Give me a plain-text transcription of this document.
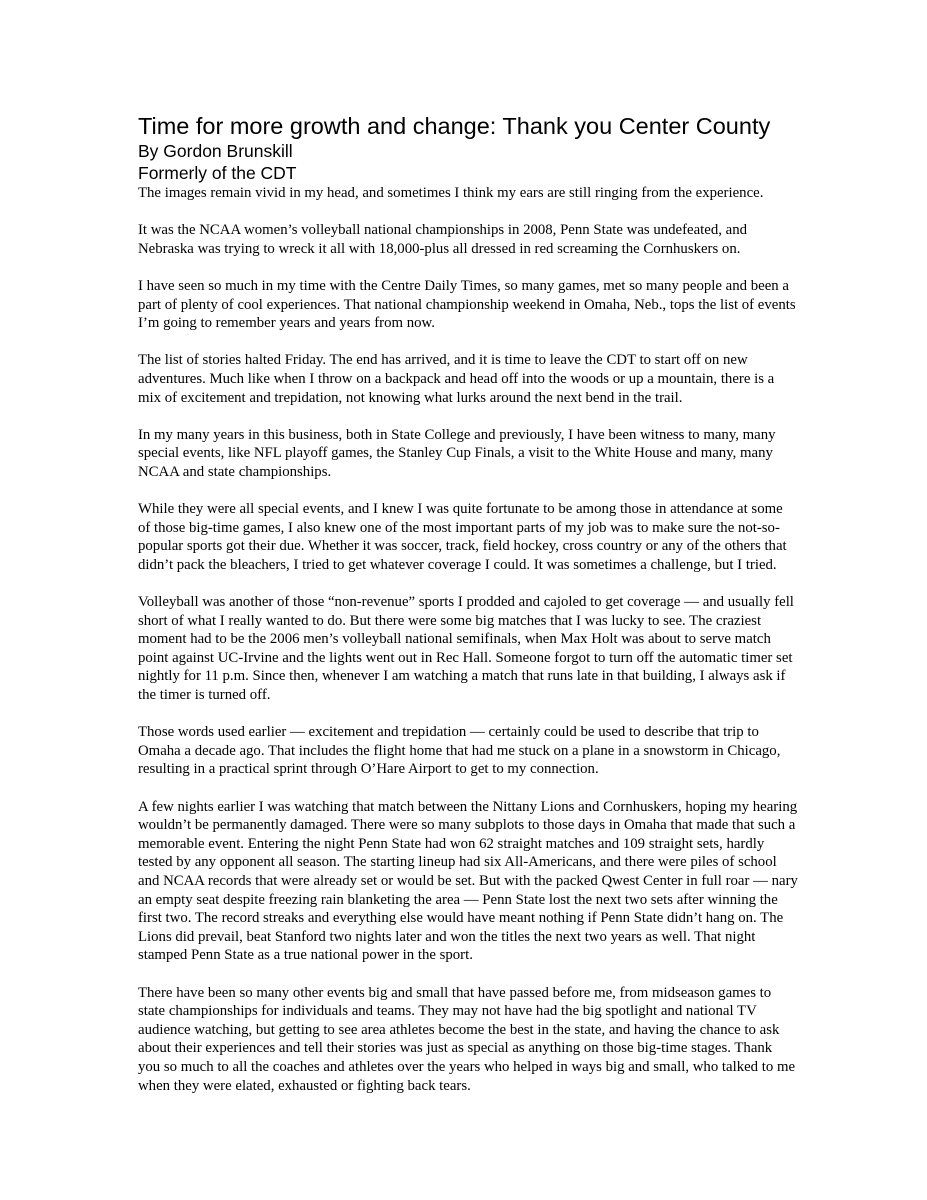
Time for more growth and change: Thank you Center County
By Gordon Brunskill
Formerly of the CDT

The images remain vivid in my head, and sometimes I think my ears are still ringing from the experience.

It was the NCAA women’s volleyball national championships in 2008, Penn State was undefeated, and Nebraska was trying to wreck it all with 18,000-plus all dressed in red screaming the Cornhuskers on.

I have seen so much in my time with the Centre Daily Times, so many games, met so many people and been a part of plenty of cool experiences. That national championship weekend in Omaha, Neb., tops the list of events I’m going to remember years and years from now.

The list of stories halted Friday. The end has arrived, and it is time to leave the CDT to start off on new adventures. Much like when I throw on a backpack and head off into the woods or up a mountain, there is a mix of excitement and trepidation, not knowing what lurks around the next bend in the trail.

In my many years in this business, both in State College and previously, I have been witness to many, many special events, like NFL playoff games, the Stanley Cup Finals, a visit to the White House and many, many NCAA and state championships.

While they were all special events, and I knew I was quite fortunate to be among those in attendance at some of those big-time games, I also knew one of the most important parts of my job was to make sure the not-so-popular sports got their due. Whether it was soccer, track, field hockey, cross country or any of the others that didn’t pack the bleachers, I tried to get whatever coverage I could. It was sometimes a challenge, but I tried.

Volleyball was another of those “non-revenue” sports I prodded and cajoled to get coverage — and usually fell short of what I really wanted to do. But there were some big matches that I was lucky to see. The craziest moment had to be the 2006 men’s volleyball national semifinals, when Max Holt was about to serve match point against UC-Irvine and the lights went out in Rec Hall. Someone forgot to turn off the automatic timer set nightly for 11 p.m. Since then, whenever I am watching a match that runs late in that building, I always ask if the timer is turned off.

Those words used earlier — excitement and trepidation — certainly could be used to describe that trip to Omaha a decade ago. That includes the flight home that had me stuck on a plane in a snowstorm in Chicago, resulting in a practical sprint through O’Hare Airport to get to my connection.

A few nights earlier I was watching that match between the Nittany Lions and Cornhuskers, hoping my hearing wouldn’t be permanently damaged. There were so many subplots to those days in Omaha that made that such a memorable event. Entering the night Penn State had won 62 straight matches and 109 straight sets, hardly tested by any opponent all season. The starting lineup had six All-Americans, and there were piles of school and NCAA records that were already set or would be set. But with the packed Qwest Center in full roar — nary an empty seat despite freezing rain blanketing the area — Penn State lost the next two sets after winning the first two. The record streaks and everything else would have meant nothing if Penn State didn’t hang on. The Lions did prevail, beat Stanford two nights later and won the titles the next two years as well. That night stamped Penn State as a true national power in the sport.

There have been so many other events big and small that have passed before me, from midseason games to state championships for individuals and teams. They may not have had the big spotlight and national TV audience watching, but getting to see area athletes become the best in the state, and having the chance to ask about their experiences and tell their stories was just as special as anything on those big-time stages. Thank you so much to all the coaches and athletes over the years who helped in ways big and small, who talked to me when they were elated, exhausted or fighting back tears.
